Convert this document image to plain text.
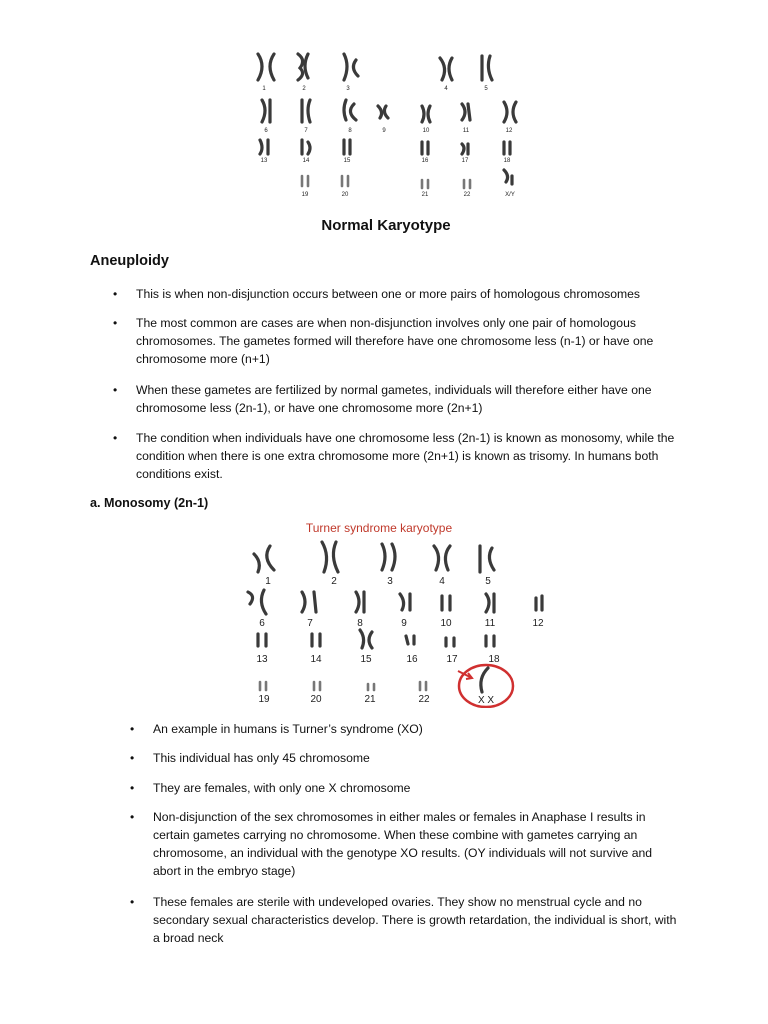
1	2	3	4	5
6	7	8	9	10	11	12
13	14	15	16	17	18
19	20	21	22	X/Y
Normal Karyotype
Aneuploidy
• This is when non-disjunction occurs between one or more pairs of homologous chromosomes
• The most common are cases are when non-disjunction involves only one pair of homologous chromosomes. The gametes formed will therefore have one chromosome less (n-1) or have one chromosome more (n+1)
• When these gametes are fertilized by normal gametes, individuals will therefore either have one chromosome less (2n-1), or have one chromosome more (2n+1)
• The condition when individuals have one chromosome less (2n-1) is known as monosomy, while the condition when there is one extra chromosome more (2n+1) is known as trisomy. In humans both conditions exist.
a. Monosomy (2n-1)
Turner syndrome karyotype
1	2	3	4	5
6	7	8	9	10	11	12
13	14	15	16	17	18
19	20	21	22	X X
• An example in humans is Turner’s syndrome (XO)
• This individual has only 45 chromosome
• They are females, with only one X chromosome
• Non-disjunction of the sex chromosomes in either males or females in Anaphase I results in certain gametes carrying no chromosome. When these combine with gametes carrying an chromosome, an individual with the genotype XO results. (OY individuals will not survive and abort in the embryo stage)
• These females are sterile with undeveloped ovaries. They show no menstrual cycle and no secondary sexual characteristics develop. There is growth retardation, the individual is short, with a broad neck
